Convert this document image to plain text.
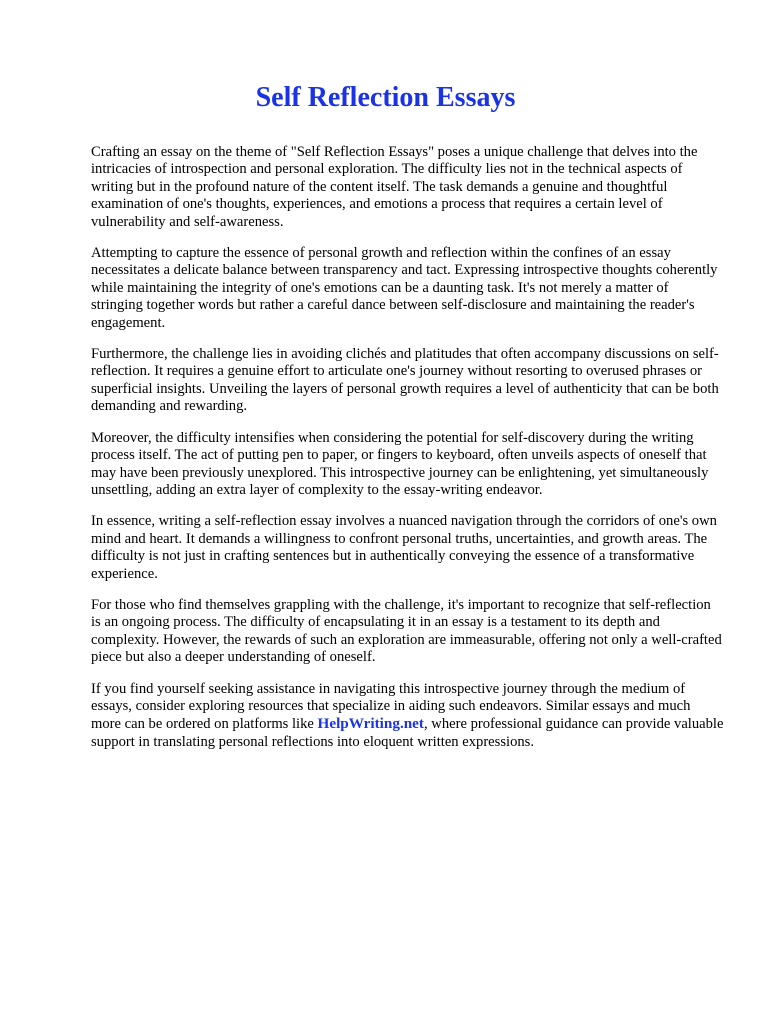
Self Reflection Essays

Crafting an essay on the theme of "Self Reflection Essays" poses a unique challenge that delves into the intricacies of introspection and personal exploration. The difficulty lies not in the technical aspects of writing but in the profound nature of the content itself. The task demands a genuine and thoughtful examination of one's thoughts, experiences, and emotions a process that requires a certain level of vulnerability and self-awareness.

Attempting to capture the essence of personal growth and reflection within the confines of an essay necessitates a delicate balance between transparency and tact. Expressing introspective thoughts coherently while maintaining the integrity of one's emotions can be a daunting task. It's not merely a matter of stringing together words but rather a careful dance between self-disclosure and maintaining the reader's engagement.

Furthermore, the challenge lies in avoiding clichés and platitudes that often accompany discussions on self-reflection. It requires a genuine effort to articulate one's journey without resorting to overused phrases or superficial insights. Unveiling the layers of personal growth requires a level of authenticity that can be both demanding and rewarding.

Moreover, the difficulty intensifies when considering the potential for self-discovery during the writing process itself. The act of putting pen to paper, or fingers to keyboard, often unveils aspects of oneself that may have been previously unexplored. This introspective journey can be enlightening, yet simultaneously unsettling, adding an extra layer of complexity to the essay-writing endeavor.

In essence, writing a self-reflection essay involves a nuanced navigation through the corridors of one's own mind and heart. It demands a willingness to confront personal truths, uncertainties, and growth areas. The difficulty is not just in crafting sentences but in authentically conveying the essence of a transformative experience.

For those who find themselves grappling with the challenge, it's important to recognize that self-reflection is an ongoing process. The difficulty of encapsulating it in an essay is a testament to its depth and complexity. However, the rewards of such an exploration are immeasurable, offering not only a well-crafted piece but also a deeper understanding of oneself.

If you find yourself seeking assistance in navigating this introspective journey through the medium of essays, consider exploring resources that specialize in aiding such endeavors. Similar essays and much more can be ordered on platforms like HelpWriting.net, where professional guidance can provide valuable support in translating personal reflections into eloquent written expressions.
